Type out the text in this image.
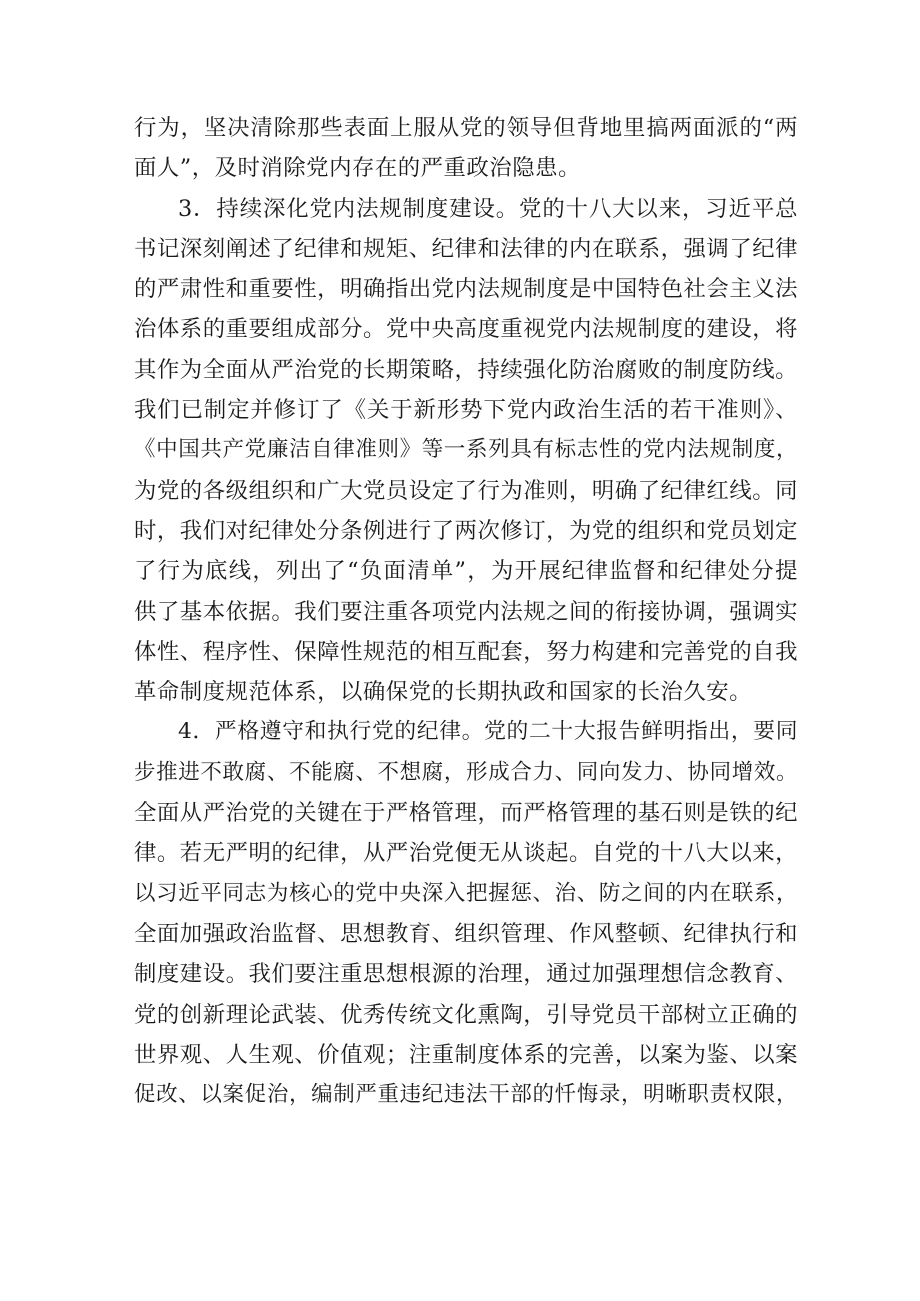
行为，坚决清除那些表面上服从党的领导但背地里搞两面派的“两
面人”，及时消除党内存在的严重政治隐患。
3．持续深化党内法规制度建设。党的十八大以来，习近平总
书记深刻阐述了纪律和规矩、纪律和法律的内在联系，强调了纪律
的严肃性和重要性，明确指出党内法规制度是中国特色社会主义法
治体系的重要组成部分。党中央高度重视党内法规制度的建设，将
其作为全面从严治党的长期策略，持续强化防治腐败的制度防线。
我们已制定并修订了《关于新形势下党内政治生活的若干准则》、
《中国共产党廉洁自律准则》等一系列具有标志性的党内法规制度，
为党的各级组织和广大党员设定了行为准则，明确了纪律红线。同
时，我们对纪律处分条例进行了两次修订，为党的组织和党员划定
了行为底线，列出了“负面清单”，为开展纪律监督和纪律处分提
供了基本依据。我们要注重各项党内法规之间的衔接协调，强调实
体性、程序性、保障性规范的相互配套，努力构建和完善党的自我
革命制度规范体系，以确保党的长期执政和国家的长治久安。
4．严格遵守和执行党的纪律。党的二十大报告鲜明指出，要同
步推进不敢腐、不能腐、不想腐，形成合力、同向发力、协同增效。
全面从严治党的关键在于严格管理，而严格管理的基石则是铁的纪
律。若无严明的纪律，从严治党便无从谈起。自党的十八大以来，
以习近平同志为核心的党中央深入把握惩、治、防之间的内在联系，
全面加强政治监督、思想教育、组织管理、作风整顿、纪律执行和
制度建设。我们要注重思想根源的治理，通过加强理想信念教育、
党的创新理论武装、优秀传统文化熏陶，引导党员干部树立正确的
世界观、人生观、价值观；注重制度体系的完善，以案为鉴、以案
促改、以案促治，编制严重违纪违法干部的忏悔录，明晰职责权限，
